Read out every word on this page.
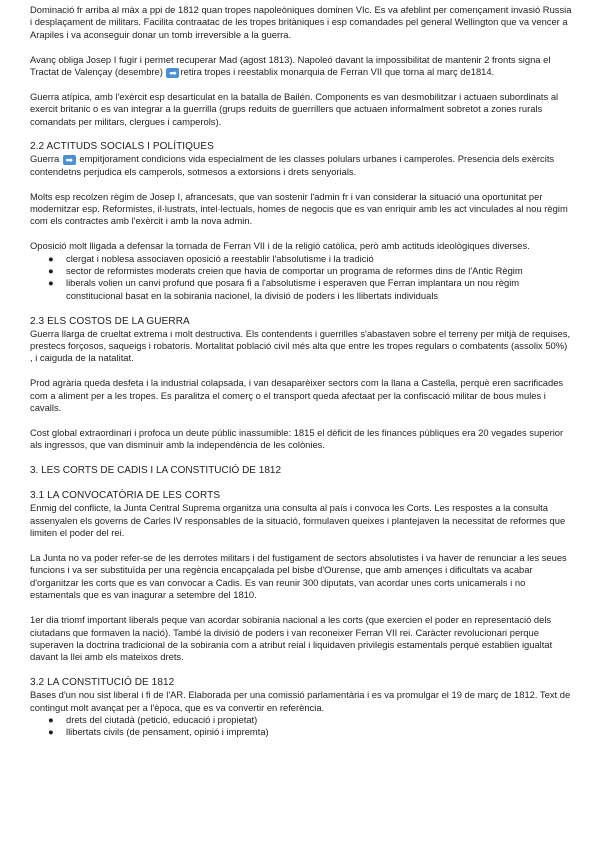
Dominació fr arriba al màx a ppi de 1812 quan tropes napoleòniques dominen VIc. Es va afeblint per començament invasió Russia i desplaçament de militars. Facilita contraatac de les tropes britàniques i esp comandades pel general Wellington que va vencer a Arapiles i va aconseguir donar un tomb irreversible a la guerra.

Avanç obliga Josep I fugir i permet recuperar Mad (agost 1813). Napoleó davant la impossibilitat de mantenir 2 fronts signa el Tractat de Valençay (desembre) ➡ retira tropes i reestablix monarquia de Ferran VII que torna al març de1814.

Guerra atípica, amb l'exèrcit esp desarticulat en la batalla de Bailén. Components es van desmobilitzar i actuaen subordinats al exercit britanic o es van integrar a la guerrilla (grups reduits de guerrillers que actuaen informalment sobretot a zones rurals comandats per militars, clergues i camperols).

2.2 ACTITUDS SOCIALS I POLÍTIQUES

Guerra ➡ empitjorament condicions vida especialment de les classes polulars urbanes i camperoles. Presencia dels exèrcits contendetns perjudica els camperols, sotmesos a extorsions i drets senyorials.

Molts esp recolzen règim de Josep I, afrancesats, que van sostenir l'admin fr i van considerar la situació una oportunitat per modernitzar esp. Reformistes, il·lustrats, intel·lectuals, homes de negocis que es van enriquir amb les act vinculades al nou règim com els contractes amb l'exèrcit i amb la nova admin.

Oposició molt lligada a defensar la tornada de Ferran VII i de la religió catòlica, però amb actituds ideològiques diverses.

● clergat i noblesa associaven oposició a reestablir l'absolutisme i la tradició
● sector de reformistes moderats creien que havia de comportar un programa de reformes dins de l'Antic Règim
● liberals volien un canvi profund que posara fi a l'absolutisme i esperaven que Ferran implantara un nou règim constitucional basat en la sobirania nacionel, la divisió de poders i les llibertats individuals
2.3 ELS COSTOS DE LA GUERRA

Guerra llarga de crueltat extrema i molt destructiva. Els contendents i guerrilles s'abastaven sobre el terreny per mitjà de requises, prestecs forçosos, saqueigs i robatoris. Mortalitat població civil més alta que entre les tropes regulars o combatents (assolix 50%) , i caiguda de la natalitat.

Prod agrària queda desfeta i la industrial colapsada, i van desaparèixer sectors com la llana a Castella, perquè eren sacrificades com a aliment per a les tropes. Es paralitza el comerç o el transport queda afectaat per la confiscació militar de bous mules i cavalls.

Cost global extraordinari i profoca un deute públic inassumible: 1815 el dèficit de les finances públiques era 20 vegades superior als ingressos, que van disminuir amb la independència de les colònies.

3. LES CORTS DE CADIS I LA CONSTITUCIÓ DE 1812
3.1 LA CONVOCATÒRIA DE LES CORTS

Enmig del conflicte, la Junta Central Suprema organitza una consulta al país i convoca les Corts. Les respostes a la consulta assenyalen els governs de Carles IV responsables de la situació, formulaven queixes i plantejaven la necessitat de reformes que limiten el poder del rei.

La Junta no va poder refer-se de les derrotes militars i del fustigament de sectors absolutistes i va haver de renunciar a les seues funcions i va ser substituïda per una regència encapçalada pel bisbe d'Ourense, que amb amençes i dificultats va acabar d'organitzar les corts que es van convocar a Cadis. Es van reunir 300 diputats, van acordar unes corts unicamerals i no estamentals que es van inagurar a setembre del 1810.

1er dia triomf important liberals peque van acordar sobirania nacional a les corts (que exercien el poder en representació dels ciutadans que formaven la nació). També la divisió de poders i van reconeixer Ferran VII rei. Caràcter revolucionari perque superaven la doctrina tradicional de la sobirania com a atribut reial i liquidaven privilegis estamentals perquè establien igualtat davant la llei amb els mateixos drets.

3.2 LA CONSTITUCIÓ DE 1812

Bases d'un nou sist liberal i fi de l'AR. Elaborada per una comissió parlamentària i es va promulgar el 19 de març de 1812. Text de contingut molt avançat per a l'època, que es va convertir en referència.

● drets del ciutadà (petició, educació i propietat)
● llibertats civils (de pensament, opinió i impremta)
